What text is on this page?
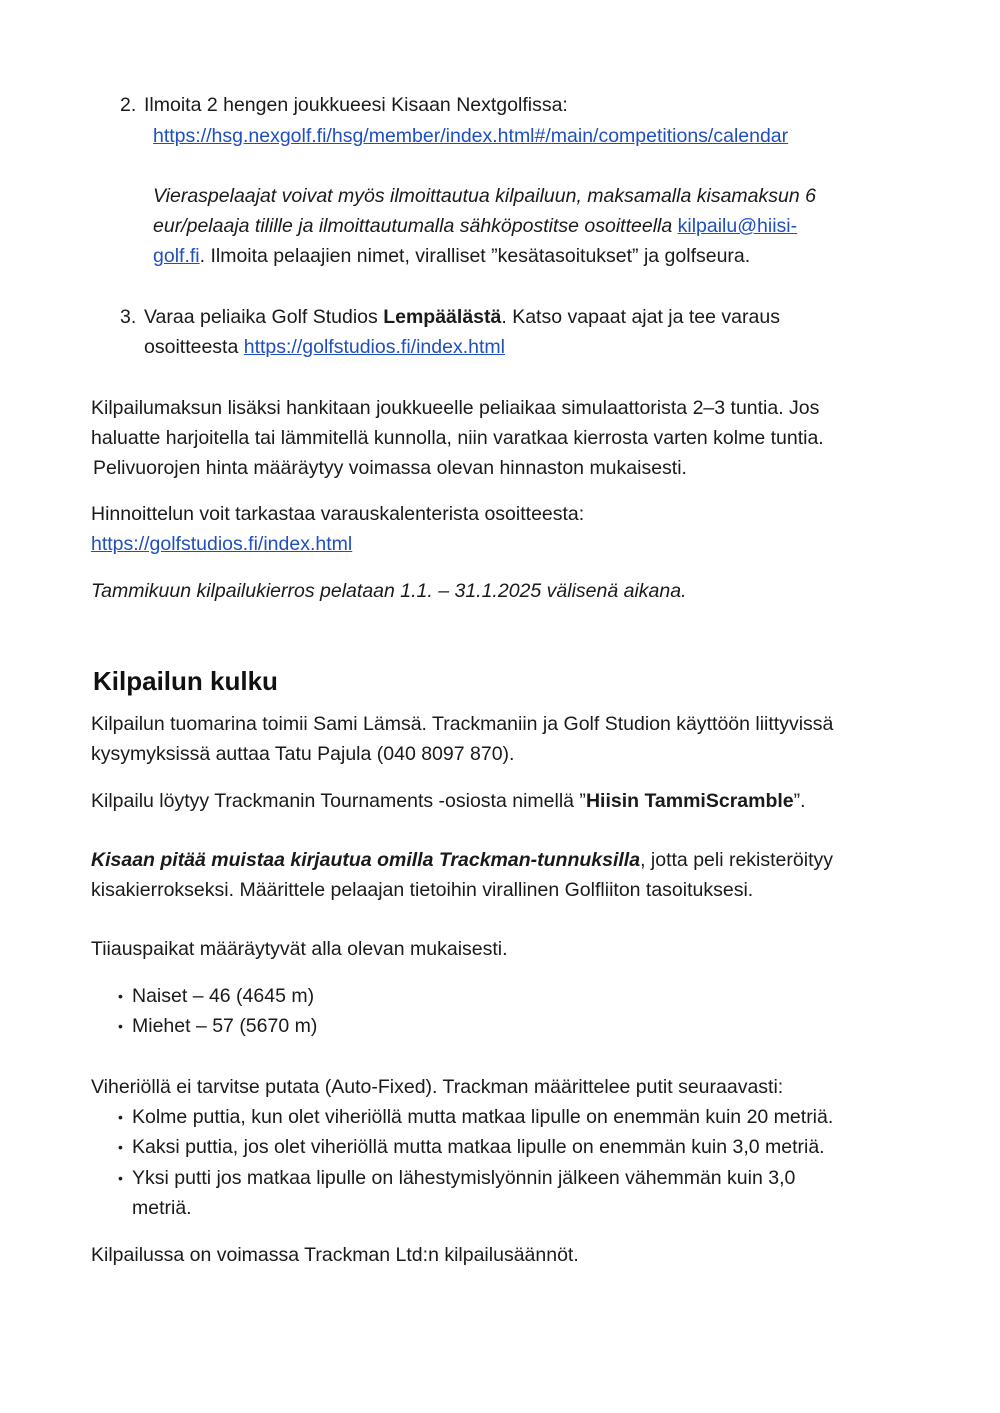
2. Ilmoita 2 hengen joukkueesi Kisaan Nextgolfissa:
https://hsg.nexgolf.fi/hsg/member/index.html#/main/competitions/calendar
Vieraspelaajat voivat myös ilmoittautua kilpailuun, maksamalla kisamaksun 6
eur/pelaaja tilille ja ilmoittautumalla sähköpostitse osoitteella kilpailu@hiisi-
golf.fi. Ilmoita pelaajien nimet, viralliset ”kesätasoitukset” ja golfseura.
3. Varaa peliaika Golf Studios Lempäälästä. Katso vapaat ajat ja tee varaus
osoitteesta https://golfstudios.fi/index.html
Kilpailumaksun lisäksi hankitaan joukkueelle peliaikaa simulaattorista 2–3 tuntia. Jos
haluatte harjoitella tai lämmitellä kunnolla, niin varatkaa kierrosta varten kolme tuntia.
Pelivuorojen hinta määräytyy voimassa olevan hinnaston mukaisesti.
Hinnoittelun voit tarkastaa varauskalenterista osoitteesta:
https://golfstudios.fi/index.html
Tammikuun kilpailukierros pelataan 1.1. – 31.1.2025 välisenä aikana.
Kilpailun kulku
Kilpailun tuomarina toimii Sami Lämsä. Trackmaniin ja Golf Studion käyttöön liittyvissä
kysymyksissä auttaa Tatu Pajula (040 8097 870).
Kilpailu löytyy Trackmanin Tournaments -osiosta nimellä ”Hiisin TammiScramble”.
Kisaan pitää muistaa kirjautua omilla Trackman-tunnuksilla, jotta peli rekisteröityy
kisakierrokseksi. Määrittele pelaajan tietoihin virallinen Golfliiton tasoituksesi.
Tiiauspaikat määräytyvät alla olevan mukaisesti.
• Naiset – 46 (4645 m)
• Miehet – 57 (5670 m)
Viheriöllä ei tarvitse putata (Auto-Fixed). Trackman määrittelee putit seuraavasti:
• Kolme puttia, kun olet viheriöllä mutta matkaa lipulle on enemmän kuin 20 metriä.
• Kaksi puttia, jos olet viheriöllä mutta matkaa lipulle on enemmän kuin 3,0 metriä.
• Yksi putti jos matkaa lipulle on lähestymislyönnin jälkeen vähemmän kuin 3,0
metriä.
Kilpailussa on voimassa Trackman Ltd:n kilpailusäännöt.
